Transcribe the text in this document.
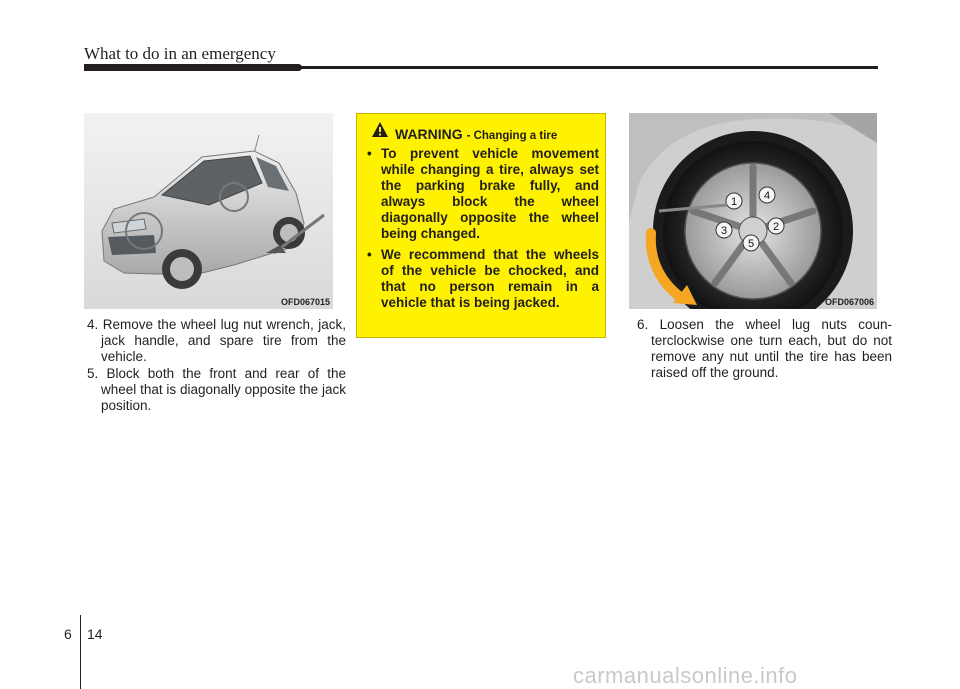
What to do in an emergency
OFD067015

4. Remove the wheel lug nut wrench, jack, jack handle, and spare tire from the vehicle.

5. Block both the front and rear of the wheel that is diagonally opposite the jack position.

WARNING - Changing a tire

• To prevent vehicle movement while changing a tire, always set the parking brake fully, and always block the wheel diagonally opposite the wheel being changed.

• We recommend that the wheels of the vehicle be chocked, and that no person remain in a vehicle that is being jacked.

1 4
2
5
3
OFD067006

6. Loosen the wheel lug nuts coun-terclockwise one turn each, but do not remove any nut until the tire has been raised off the ground.

6 14
carmanualsonline.info
